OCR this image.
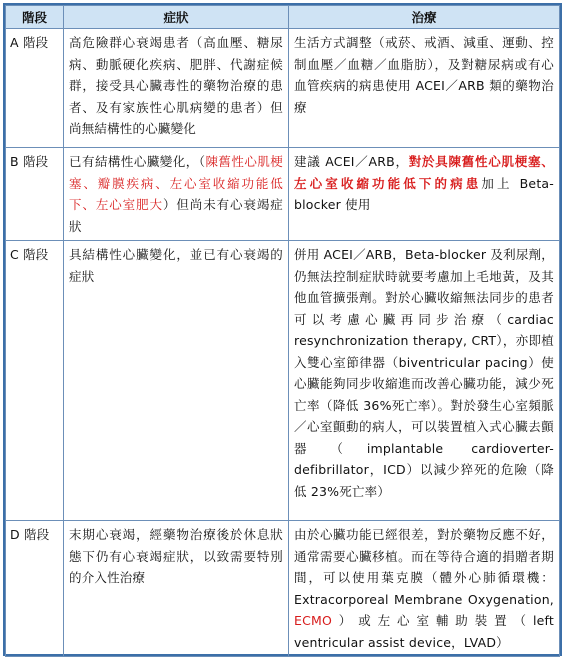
階段	症狀	治療
A 階段	高危險群心衰竭患者（高血壓、糖尿病、動脈硬化疾病、肥胖、代謝症候群，接受具心臟毒性的藥物治療的患者、及有家族性心肌病變的患者）但尚無結構性的心臟變化	生活方式調整（戒菸、戒酒、減重、運動、控制血壓／血糖／血脂肪），及對糖尿病或有心血管疾病的病患使用 ACEI／ARB 類的藥物治療
B 階段	已有結構性心臟變化，（陳舊性心肌梗塞、瓣膜疾病、左心室收縮功能低下、左心室肥大）但尚未有心衰竭症狀	建議 ACEI／ARB，對於具陳舊性心肌梗塞、左心室收縮功能低下的病患加上 Beta-blocker 使用
C 階段	具結構性心臟變化，並已有心衰竭的症狀	併用 ACEI／ARB，Beta-blocker 及利尿劑，仍無法控制症狀時就要考慮加上毛地黃，及其他血管擴張劑。對於心臟收縮無法同步的患者可以考慮心臟再同步治療（cardiac resynchronization therapy, CRT），亦即植入雙心室節律器（biventricular pacing）使心臟能夠同步收縮進而改善心臟功能，減少死亡率（降低 36%死亡率）。對於發生心室頻脈／心室顫動的病人，可以裝置植入式心臟去顫器（implantable cardioverter-defibrillator，ICD）以減少猝死的危險（降低 23%死亡率）
D 階段	末期心衰竭，經藥物治療後於休息狀態下仍有心衰竭症狀，以致需要特別的介入性治療	由於心臟功能已經很差，對於藥物反應不好，通常需要心臟移植。而在等待合適的捐贈者期間，可以使用葉克膜（體外心肺循環機：Extracorporeal Membrane Oxygenation, ECMO）或左心室輔助裝置（left ventricular assist device，LVAD）
